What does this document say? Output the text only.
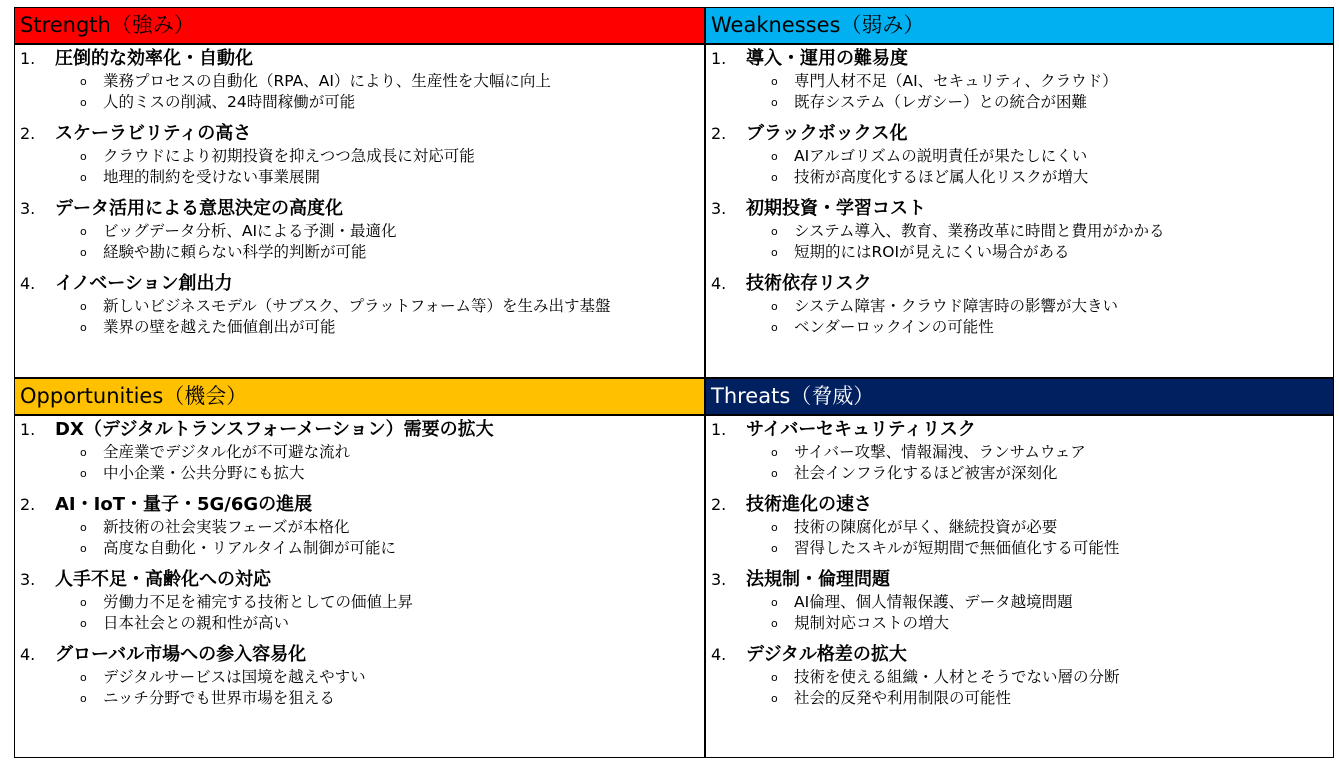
Strength（強み）
1.	圧倒的な効率化・自動化
o	業務プロセスの自動化（RPA、AI）により、生産性を大幅に向上
o	人的ミスの削減、24時間稼働が可能
2.	スケーラビリティの高さ
o	クラウドにより初期投資を抑えつつ急成長に対応可能
o	地理的制約を受けない事業展開
3.	データ活用による意思決定の高度化
o	ビッグデータ分析、AIによる予測・最適化
o	経験や勘に頼らない科学的判断が可能
4.	イノベーション創出力
o	新しいビジネスモデル（サブスク、プラットフォーム等）を生み出す基盤
o	業界の壁を越えた価値創出が可能
Weaknesses（弱み）
1.	導入・運用の難易度
o	専門人材不足（AI、セキュリティ、クラウド）
o	既存システム（レガシー）との統合が困難
2.	ブラックボックス化
o	AIアルゴリズムの説明責任が果たしにくい
o	技術が高度化するほど属人化リスクが増大
3.	初期投資・学習コスト
o	システム導入、教育、業務改革に時間と費用がかかる
o	短期的にはROIが見えにくい場合がある
4.	技術依存リスク
o	システム障害・クラウド障害時の影響が大きい
o	ベンダーロックインの可能性
Opportunities（機会）
1.	DX（デジタルトランスフォーメーション）需要の拡大
o	全産業でデジタル化が不可避な流れ
o	中小企業・公共分野にも拡大
2.	AI・IoT・量子・5G/6Gの進展
o	新技術の社会実装フェーズが本格化
o	高度な自動化・リアルタイム制御が可能に
3.	人手不足・高齢化への対応
o	労働力不足を補完する技術としての価値上昇
o	日本社会との親和性が高い
4.	グローバル市場への参入容易化
o	デジタルサービスは国境を越えやすい
o	ニッチ分野でも世界市場を狙える
Threats（脅威）
1.	サイバーセキュリティリスク
o	サイバー攻撃、情報漏洩、ランサムウェア
o	社会インフラ化するほど被害が深刻化
2.	技術進化の速さ
o	技術の陳腐化が早く、継続投資が必要
o	習得したスキルが短期間で無価値化する可能性
3.	法規制・倫理問題
o	AI倫理、個人情報保護、データ越境問題
o	規制対応コストの増大
4.	デジタル格差の拡大
o	技術を使える組織・人材とそうでない層の分断
o	社会的反発や利用制限の可能性
